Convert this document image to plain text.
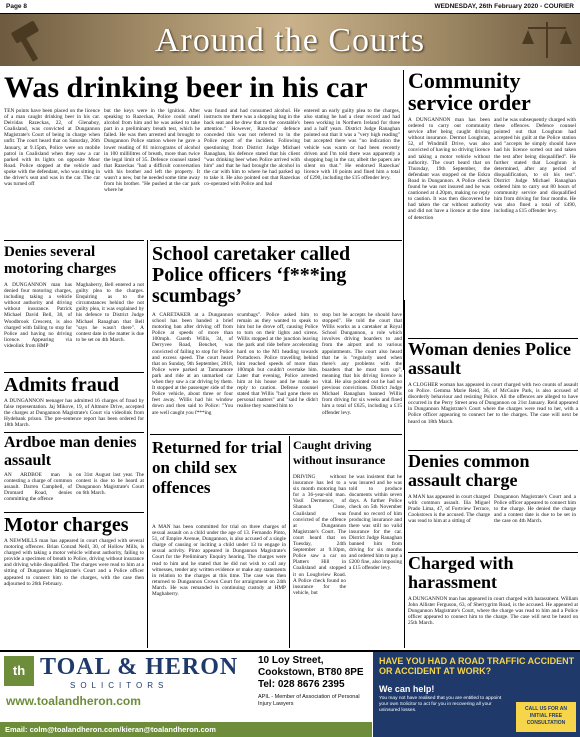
Page 8	WEDNESDAY, 26th February 2020 - COURIER
Around the Courts
Was drinking beer in his car
TEN points have been placed on the licence of a man caught drinking beer in his car. Deividas Razeckas, 22, of Glenaboy, Coalisland, was convicted at Dungannon Magistrate's Court of being in charge when unfit. The court heard that on Saturday, 26th January, at 9.15pm, Police were on mobile patrol in Coalisland when they saw a car parked with its lights on opposite Moor Road. Police stopped at the vehicle and spoke with the defendant, who was sitting in the driver's seat and was in the car. The car was turned off
but the keys were in the ignition. After speaking to Razeckas, Police could smell alcohol from him and he was asked to take part in a preliminary breath test, which he failed. He was then arrested and brought to Dungannon Police station where he gave a lower reading of 81 micrograms of alcohol in 100 millilitres of breath, more than twice the legal limit of 35. Defence counsel stated that Razeckas "had a difficult conversation with his brother and left the property. It wasn't a new, but he needed some time away from his brother. "He pushed at the car park where he
was found and had consumed alcohol. He instructs me there was a shopping bag in the back seat and he drew that to the constable's attention." However, Razeckas' defence conceded this was not referred to in the Police report of the incident. Following questioning from District Judge Michael Ranaghan, his defence stated that his client "was drinking beer when Police arrived with him" and that he had brought the alcohol in the car with him to where he had parked up to take it. He also pointed out that Razeckas co-operated with Police and had
entered an early guilty plea to the charges, also stating he had a clear record and had been working in Northern Ireland for three and a half years. District Judge Ranaghan pointed out that it was a "very high reading" but accepted there was "no indication the vehicle was warm or had been recently driven and I'm told there was apparently a shopping bag in the car, albeit the papers are silent on that." He endorsed Razeckas' licence with 10 points and fined him a total of £290, including the £15 offender levy.
Community service order
A DUNGANNON man has been ordered to carry out community service after being caught driving without insurance. Dermot Loughran, 52, of Windmill Drive, was also convicted of having no driving licence and taking a motor vehicle without authority. The court heard that on Thursday, 19th September, the defendant was stopped on the Eskra Road in Dungannon. A Police check found he was not insured and he was cautioned at 4.20pm, making no reply to caution. It was then discovered he had taken the car without authority and did not have a licence at the time of detection
and he was subsequently charged with these offences. Defence counsel pointed out that Loughran had accepted his guilt at the Police station and "accepts he simply should have had his licence sorted out and taken the test after being disqualified". He further stated that Loughran is determined, after any period of disqualification, to sit his test". District Judge Michael Ranaghan ordered him to carry out 80 hours of community service and disqualified him from driving for four months. He was also fined a total of £490, including a £15 offender levy.
Denies several motoring charges
A DUNGANNON man has denied four motoring charges, including taking a vehicle without authority and driving without insurance. Patrick Michael David Bell, 38, of Woodbrook Crescent, is also charged with failing to stop for Police and having no driving licence. Appearing via videolink from HMP
Maghaberry, Bell entered a not guilty plea to the charges. Enquiring as to the circumstances behind the not guilty plea, it was explained by his defence to District Judge Michael Ranaghan that Bell "says he wasn't there". A contest date in the matter is due to be set on 4th March.
Admits fraud
A DUNGANNON teenager has admitted 16 charges of fraud by false representation. Jaj Mikove, 19, of Altmore Drive, accepted the charges at Dungannon Magistrate's Court via videolink from Hydebank prison. The pre-sentence report has been ordered for 18th March.
Ardboe man denies assault
AN ARDBOE man is contesting a charge of common assault. Darren Campbell, of Dromard Road, denies committing the offence
on 31st August last year. The contest is due to be heard at Dungannon Magistrate's Court on 6th March.
Motor charges
A NEWMILLS man has appeared in court charged with several motoring offences. Brian Conrad Neill, 30, of Hollow Mills, is charged with taking a motor vehicle without authority, failing to provide a specimen of breath to Police, driving without insurance and driving while disqualified. The charges were read to him at a sitting of Dungannon Magistrate's Court and a Police officer appeared to connect him to the charges, with the case then adjourned to 26th February.
School caretaker called Police officers ‘f***ing scumbags’
A CARETAKER at a Dungannon school has been handed a brief motoring ban after driving off from Police at speeds of more than 100mph. Gareth Willis, 34, of Derryvee Road, Benchet, was convicted of failing to stop for Police and excess speed. The court heard that on Sunday, 9th September, 2018, Police were parked at Tamnamore park and ride at an unmarked car when they saw a car driving by them. It stopped at the passenger side of the Police vehicle, about three or four feet away. Willis had his window down and then said to Police: "You are well caught you f***ing
scumbags". Police asked him to remain as they wanted to speak to him but he drove off, causing Police to turn on their lights and sirens. Willis stopped at the junction leaving the park and ride before accelerating hard on to the M1 heading towards Portadown. Police travelling behind him reached speeds of more than 100mph but couldn't overtake him. Later that evening, Police arrested him at his house and he made no reply to caution. Defense counsel stated that Willis "had gone there on personal matters" and "said he didn't realise they wanted him to
stop but he accepts he should have stopped". He told the court that Willis works as a caretaker at Royal School Dungannon, a role which involves driving boarders to and from the airport and to various appointments. The court also heard that he is "regularly used when there's any problems with the boarders that he must turn up", meaning that his driving licence is vital. He also pointed out he had no previous convictions. District Judge Michael Ranaghan banned Willis from driving for six weeks and fined him a total of £625, including a £15 offender levy.
Returned for trial on child sex offences
A MAN has been committed for trial on three charges of sexual assault on a child under the age of 13. Fernando Pinto, 51, of Empire Avenue, Dungannon, is also accused of a single charge of causing or inciting a child under 13 to engage in sexual activity. Pinto appeared in Dungannon Magistrate's Court for the Preliminary Enquiry hearing. The charges were read to him and he stated that he did not wish to call any witnesses, tender any written evidence or make any statements in relation to the charges at this time. The case was then returned to Dungannon Crown Court for arraignment on 24th March. He was remanded in continuing custody at HMP Maghaberry.
Caught driving without insurance
DRIVING without insurance has led to a six month motoring ban for a 36-year-old man. Vasil Dermenov, of Shanoch Close, Coalisland was convicted of the offence at Dungannon Magistrate's Court. The court heard that on Tuesday, 24th September at 9.10pm, Police saw a car on Platters Hill in Coalisland and stopped it on Loughview Road. A Police check found no insurance for the vehicle, but
he was insistent that he was insured and he was told to produce documents within seven days. A further Police check on 5th November found no record of him producing insurance and there was still no valid insurance for the car. District Judge Ranaghan banned him from driving for six months and ordered him to pay a £200 fine, also imposing a £15 offender levy.
Woman denies Police assault
A CLOGHER woman has appeared in court charged with two counts of assault on Police. Gemma Marie Reid, 36, of McGuire Park, is also accused of disorderly behaviour and resisting Police. All the offences are alleged to have occurred in the Perry Street area of Dungannon on 21st January. Reid appeared in Dungannon Magistrate's Court where the charges were read to her, with a Police officer appearing to connect her to the charges. The case will next be heard on 18th March.
Denies common assault charge
A MAN has appeared in court charged with common assault. Ilia Miguel Prado Lima, 47, of Fortview Terrace, Cookstown is the accused. The charge was read to him at a sitting of
Dungannon Magistrate's Court and a Police officer appeared to connect him to the charge. He denied the charge and a contest date is due to be set in the case on 4th March.
Charged with harassment
A DUNGANNON man has appeared in court charged with harassment. William John Allister Ferguson, 63, of Sherrygrim Road, is the accused. He appeared at Dungannon Magistrate's Court, where the charge was read to him and a Police officer appeared to connect him to the charge. The case will next be heard on 25th March.
th TOAL & HERON
SOLICITORS
www.toalandheron.com
Email: colm@toalandheron.com/kieran@toalandheron.com
10 Loy Street,
Cookstown, BT80 8PE
Tel: 028 8676 2395
APIL - Member of Association of Personal Injury Lawyers
HAVE YOU HAD A ROAD TRAFFIC ACCIDENT OR ACCIDENT AT WORK?
We can help!
You may not have realised that you are entitled to appoint your own Solicitor to act for you in recovering all your uninsured losses.	CALL US FOR AN INITIAL FREE CONSULTATION
